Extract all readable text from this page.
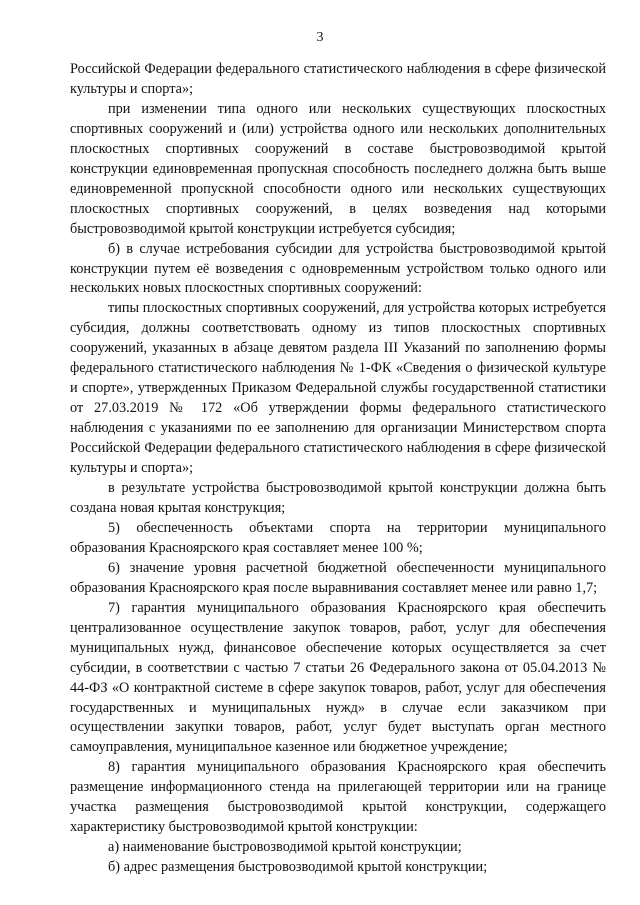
3

Российской Федерации федерального статистического наблюдения в сфере физической культуры и спорта»;

при изменении типа одного или нескольких существующих плоскостных спортивных сооружений и (или) устройства одного или нескольких дополнительных плоскостных спортивных сооружений в составе быстровозводимой крытой конструкции единовременная пропускная способность последнего должна быть выше единовременной пропускной способности одного или нескольких существующих плоскостных спортивных сооружений, в целях возведения над которыми быстровозводимой крытой конструкции истребуется субсидия;

б) в случае истребования субсидии для устройства быстровозводимой крытой конструкции путем её возведения с одновременным устройством только одного или нескольких новых плоскостных спортивных сооружений:

типы плоскостных спортивных сооружений, для устройства которых истребуется субсидия, должны соответствовать одному из типов плоскостных спортивных сооружений, указанных в абзаце девятом раздела III Указаний по заполнению формы федерального статистического наблюдения № 1-ФК «Сведения о физической культуре и спорте», утвержденных Приказом Федеральной службы государственной статистики от 27.03.2019 № 172 «Об утверждении формы федерального статистического наблюдения с указаниями по ее заполнению для организации Министерством спорта Российской Федерации федерального статистического наблюдения в сфере физической культуры и спорта»;

в результате устройства быстровозводимой крытой конструкции должна быть создана новая крытая конструкция;

5) обеспеченность объектами спорта на территории муниципального образования Красноярского края составляет менее 100 %;

6) значение уровня расчетной бюджетной обеспеченности муниципального образования Красноярского края после выравнивания составляет менее или равно 1,7;

7) гарантия муниципального образования Красноярского края обеспечить централизованное осуществление закупок товаров, работ, услуг для обеспечения муниципальных нужд, финансовое обеспечение которых осуществляется за счет субсидии, в соответствии с частью 7 статьи 26 Федерального закона от 05.04.2013 № 44-ФЗ «О контрактной системе в сфере закупок товаров, работ, услуг для обеспечения государственных и муниципальных нужд» в случае если заказчиком при осуществлении закупки товаров, работ, услуг будет выступать орган местного самоуправления, муниципальное казенное или бюджетное учреждение;

8) гарантия муниципального образования Красноярского края обеспечить размещение информационного стенда на прилегающей территории или на границе участка размещения быстровозводимой крытой конструкции, содержащего характеристику быстровозводимой крытой конструкции:

а) наименование быстровозводимой крытой конструкции;

б) адрес размещения быстровозводимой крытой конструкции;
